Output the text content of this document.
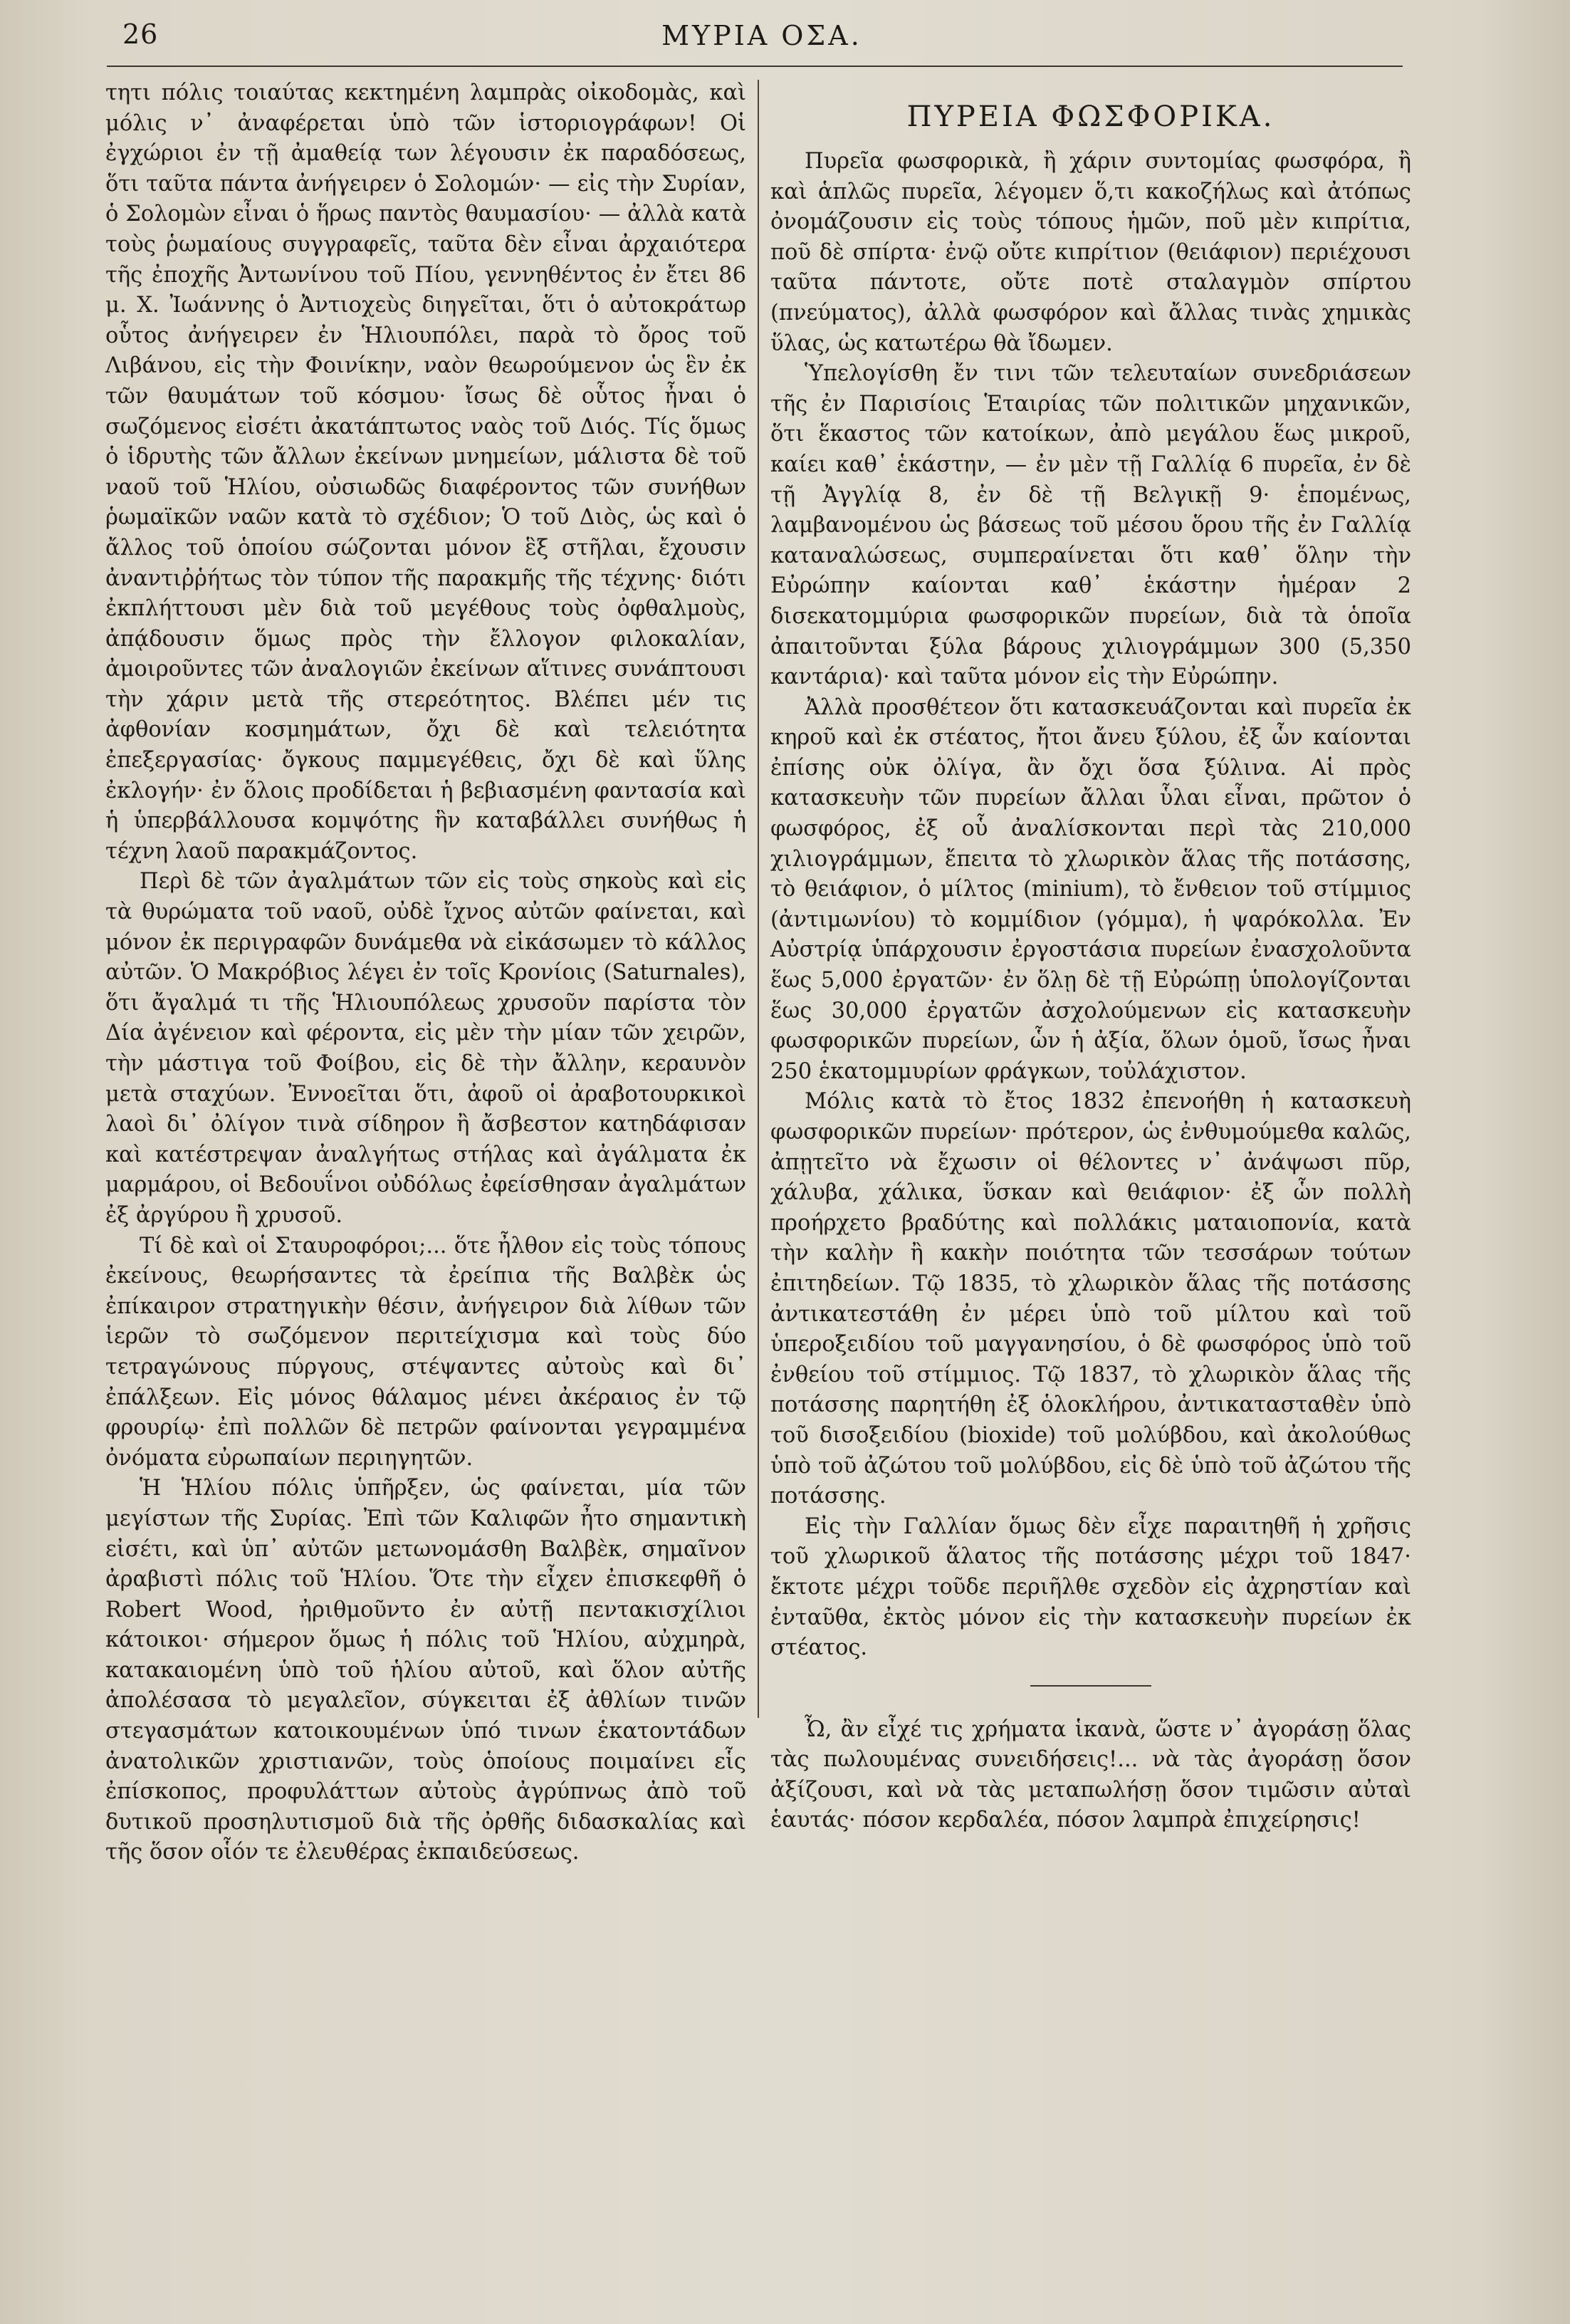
26	ΜΥΡΙΑ ΟΣΑ.

τητι πόλις τοιαύτας κεκτημένη λαμπρὰς οἰκοδομὰς, καὶ μόλις ν᾽ ἀναφέρεται ὑπὸ τῶν ἱστοριογράφων! Οἱ ἐγχώριοι ἐν τῇ ἀμαθείᾳ των λέγουσιν ἐκ παραδόσεως, ὅτι ταῦτα πάντα ἀνήγειρεν ὁ Σολομών· — εἰς τὴν Συρίαν, ὁ Σολομὼν εἶναι ὁ ἥρως παντὸς θαυμασίου· — ἀλλὰ κατὰ τοὺς ῥωμαίους συγγραφεῖς, ταῦτα δὲν εἶναι ἀρχαιότερα τῆς ἐποχῆς Ἀντωνίνου τοῦ Πίου, γεννηθέντος ἐν ἔτει 86 μ. Χ. Ἰωάννης ὁ Ἀντιοχεὺς διηγεῖται, ὅτι ὁ αὐτοκράτωρ οὗτος ἀνήγειρεν ἐν Ἡλιουπόλει, παρὰ τὸ ὄρος τοῦ Λιβάνου, εἰς τὴν Φοινίκην, ναὸν θεωρούμενον ὡς ἓν ἐκ τῶν θαυμάτων τοῦ κόσμου· ἴσως δὲ οὗτος ἦναι ὁ σωζόμενος εἰσέτι ἀκατάπτωτος ναὸς τοῦ Διός. Τίς ὅμως ὁ ἱδρυτὴς τῶν ἄλλων ἐκείνων μνημείων, μάλιστα δὲ τοῦ ναοῦ τοῦ Ἡλίου, οὐσιωδῶς διαφέροντος τῶν συνήθων ῥωμαϊκῶν ναῶν κατὰ τὸ σχέδιον; Ὁ τοῦ Διὸς, ὡς καὶ ὁ ἄλλος τοῦ ὁποίου σώζονται μόνον ἓξ στῆλαι, ἔχουσιν ἀναντιῤῥήτως τὸν τύπον τῆς παρακμῆς τῆς τέχνης· διότι ἐκπλήττουσι μὲν διὰ τοῦ μεγέθους τοὺς ὀφθαλμοὺς, ἀπᾴδουσιν ὅμως πρὸς τὴν ἔλλογον φιλοκαλίαν, ἀμοιροῦντες τῶν ἀναλογιῶν ἐκείνων αἵτινες συνάπτουσι τὴν χάριν μετὰ τῆς στερεότητος. Βλέπει μέν τις ἀφθονίαν κοσμημάτων, ὄχι δὲ καὶ τελειότητα ἐπεξεργασίας· ὄγκους παμμεγέθεις, ὄχι δὲ καὶ ὕλης ἐκλογήν· ἐν ὅλοις προδίδεται ἡ βεβιασμένη φαντασία καὶ ἡ ὑπερβάλλουσα κομψότης ἣν καταβάλλει συνήθως ἡ τέχνη λαοῦ παρακμάζοντος.

Περὶ δὲ τῶν ἀγαλμάτων τῶν εἰς τοὺς σηκοὺς καὶ εἰς τὰ θυρώματα τοῦ ναοῦ, οὐδὲ ἴχνος αὐτῶν φαίνεται, καὶ μόνον ἐκ περιγραφῶν δυνάμεθα νὰ εἰκάσωμεν τὸ κάλλος αὐτῶν. Ὁ Μακρόβιος λέγει ἐν τοῖς Κρονίοις (Saturnales), ὅτι ἄγαλμά τι τῆς Ἡλιουπόλεως χρυσοῦν παρίστα τὸν Δία ἀγένειον καὶ φέροντα, εἰς μὲν τὴν μίαν τῶν χειρῶν, τὴν μάστιγα τοῦ Φοίβου, εἰς δὲ τὴν ἄλλην, κεραυνὸν μετὰ σταχύων. Ἐννοεῖται ὅτι, ἀφοῦ οἱ ἀραβοτουρκικοὶ λαοὶ δι᾽ ὀλίγον τινὰ σίδηρον ἢ ἄσβεστον κατηδάφισαν καὶ κατέστρεψαν ἀναλγήτως στήλας καὶ ἀγάλματα ἐκ μαρμάρου, οἱ Βεδουΐνοι οὐδόλως ἐφείσθησαν ἀγαλμάτων ἐξ ἀργύρου ἢ χρυσοῦ.

Τί δὲ καὶ οἱ Σταυροφόροι;... ὅτε ἦλθον εἰς τοὺς τόπους ἐκείνους, θεωρήσαντες τὰ ἐρείπια τῆς Βαλβὲκ ὡς ἐπίκαιρον στρατηγικὴν θέσιν, ἀνήγειρον διὰ λίθων τῶν ἱερῶν τὸ σωζόμενον περιτείχισμα καὶ τοὺς δύο τετραγώνους πύργους, στέψαντες αὐτοὺς καὶ δι᾽ ἐπάλξεων. Εἰς μόνος θάλαμος μένει ἀκέραιος ἐν τῷ φρουρίῳ· ἐπὶ πολλῶν δὲ πετρῶν φαίνονται γεγραμμένα ὀνόματα εὐρωπαίων περιηγητῶν.

Ἡ Ἡλίου πόλις ὑπῆρξεν, ὡς φαίνεται, μία τῶν μεγίστων τῆς Συρίας. Ἐπὶ τῶν Καλιφῶν ἦτο σημαντικὴ εἰσέτι, καὶ ὑπ᾽ αὐτῶν μετωνομάσθη Βαλβὲκ, σημαῖνον ἀραβιστὶ πόλις τοῦ Ἡλίου. Ὅτε τὴν εἶχεν ἐπισκεφθῆ ὁ Robert Wood, ἠριθμοῦντο ἐν αὐτῇ πεντακισχίλιοι κάτοικοι· σήμερον ὅμως ἡ πόλις τοῦ Ἡλίου, αὐχμηρὰ, κατακαιομένη ὑπὸ τοῦ ἡλίου αὐτοῦ, καὶ ὅλον αὐτῆς ἀπολέσασα τὸ μεγαλεῖον, σύγκειται ἐξ ἀθλίων τινῶν στεγασμάτων κατοικουμένων ὑπό τινων ἑκατοντάδων ἀνατολικῶν χριστιανῶν, τοὺς ὁποίους ποιμαίνει εἷς ἐπίσκοπος, προφυλάττων αὐτοὺς ἀγρύπνως ἀπὸ τοῦ δυτικοῦ προσηλυτισμοῦ διὰ τῆς ὀρθῆς διδασκαλίας καὶ τῆς ὅσον οἷόν τε ἐλευθέρας ἐκπαιδεύσεως.

ΠΥΡΕΙΑ ΦΩΣΦΟΡΙΚΑ.

Πυρεῖα φωσφορικὰ, ἢ χάριν συντομίας φωσφόρα, ἢ καὶ ἁπλῶς πυρεῖα, λέγομεν ὅ,τι κακοζήλως καὶ ἀτόπως ὀνομάζουσιν εἰς τοὺς τόπους ἡμῶν, ποῦ μὲν κιπρίτια, ποῦ δὲ σπίρτα· ἐνῷ οὔτε κιπρίτιον (θειάφιον) περιέχουσι ταῦτα πάντοτε, οὔτε ποτὲ σταλαγμὸν σπίρτου (πνεύματος), ἀλλὰ φωσφόρον καὶ ἄλλας τινὰς χημικὰς ὕλας, ὡς κατωτέρω θὰ ἴδωμεν.

Ὑπελογίσθη ἔν τινι τῶν τελευταίων συνεδριάσεων τῆς ἐν Παρισίοις Ἑταιρίας τῶν πολιτικῶν μηχανικῶν, ὅτι ἕκαστος τῶν κατοίκων, ἀπὸ μεγάλου ἕως μικροῦ, καίει καθ᾽ ἑκάστην, — ἐν μὲν τῇ Γαλλίᾳ 6 πυρεῖα, ἐν δὲ τῇ Ἀγγλίᾳ 8, ἐν δὲ τῇ Βελγικῇ 9· ἑπομένως, λαμβανομένου ὡς βάσεως τοῦ μέσου ὅρου τῆς ἐν Γαλλίᾳ καταναλώσεως, συμπεραίνεται ὅτι καθ᾽ ὅλην τὴν Εὐρώπην καίονται καθ᾽ ἑκάστην ἡμέραν 2 δισεκατομμύρια φωσφορικῶν πυρείων, διὰ τὰ ὁποῖα ἀπαιτοῦνται ξύλα βάρους χιλιογράμμων 300 (5,350 καντάρια)· καὶ ταῦτα μόνον εἰς τὴν Εὐρώπην.

Ἀλλὰ προσθέτεον ὅτι κατασκευάζονται καὶ πυρεῖα ἐκ κηροῦ καὶ ἐκ στέατος, ἤτοι ἄνευ ξύλου, ἐξ ὧν καίονται ἐπίσης οὐκ ὀλίγα, ἂν ὄχι ὅσα ξύλινα. Αἱ πρὸς κατασκευὴν τῶν πυρείων ἄλλαι ὗλαι εἶναι, πρῶτον ὁ φωσφόρος, ἐξ οὗ ἀναλίσκονται περὶ τὰς 210,000 χιλιογράμμων, ἔπειτα τὸ χλωρικὸν ἅλας τῆς ποτάσσης, τὸ θειάφιον, ὁ μίλτος (minium), τὸ ἔνθειον τοῦ στίμμιος (ἀντιμωνίου) τὸ κομμίδιον (γόμμα), ἡ ψαρόκολλα. Ἐν Αὐστρίᾳ ὑπάρχουσιν ἐργοστάσια πυρείων ἐνασχολοῦντα ἕως 5,000 ἐργατῶν· ἐν ὅλῃ δὲ τῇ Εὐρώπῃ ὑπολογίζονται ἕως 30,000 ἐργατῶν ἀσχολούμενων εἰς κατασκευὴν φωσφορικῶν πυρείων, ὧν ἡ ἀξία, ὅλων ὁμοῦ, ἴσως ἦναι 250 ἑκατομμυρίων φράγκων, τοὐλάχιστον.

Μόλις κατὰ τὸ ἔτος 1832 ἐπενοήθη ἡ κατασκευὴ φωσφορικῶν πυρείων· πρότερον, ὡς ἐνθυμούμεθα καλῶς, ἀπῃτεῖτο νὰ ἔχωσιν οἱ θέλοντες ν᾽ ἀνάψωσι πῦρ, χάλυβα, χάλικα, ὕσκαν καὶ θειάφιον· ἐξ ὧν πολλὴ προήρχετο βραδύτης καὶ πολλάκις ματαιοπονία, κατὰ τὴν καλὴν ἢ κακὴν ποιότητα τῶν τεσσάρων τούτων ἐπιτηδείων. Τῷ 1835, τὸ χλωρικὸν ἅλας τῆς ποτάσσης ἀντικατεστάθη ἐν μέρει ὑπὸ τοῦ μίλτου καὶ τοῦ ὑπεροξειδίου τοῦ μαγγανησίου, ὁ δὲ φωσφόρος ὑπὸ τοῦ ἐνθείου τοῦ στίμμιος. Τῷ 1837, τὸ χλωρικὸν ἅλας τῆς ποτάσσης παρητήθη ἐξ ὁλοκλήρου, ἀντικατασταθὲν ὑπὸ τοῦ δισοξειδίου (bioxide) τοῦ μολύβδου, καὶ ἀκολούθως ὑπὸ τοῦ ἀζώτου τοῦ μολύβδου, εἰς δὲ ὑπὸ τοῦ ἀζώτου τῆς ποτάσσης.

Εἰς τὴν Γαλλίαν ὅμως δὲν εἶχε παραιτηθῆ ἡ χρῆσις τοῦ χλωρικοῦ ἅλατος τῆς ποτάσσης μέχρι τοῦ 1847· ἔκτοτε μέχρι τοῦδε περιῆλθε σχεδὸν εἰς ἀχρηστίαν καὶ ἐνταῦθα, ἐκτὸς μόνον εἰς τὴν κατασκευὴν πυρείων ἐκ στέατος.

Ὦ, ἂν εἶχέ τις χρήματα ἱκανὰ, ὥστε ν᾽ ἀγοράσῃ ὅλας τὰς πωλουμένας συνειδήσεις!... νὰ τὰς ἀγοράσῃ ὅσον ἀξίζουσι, καὶ νὰ τὰς μεταπωλήσῃ ὅσον τιμῶσιν αὐταὶ ἑαυτάς· πόσον κερδαλέα, πόσον λαμπρὰ ἐπιχείρησις!
